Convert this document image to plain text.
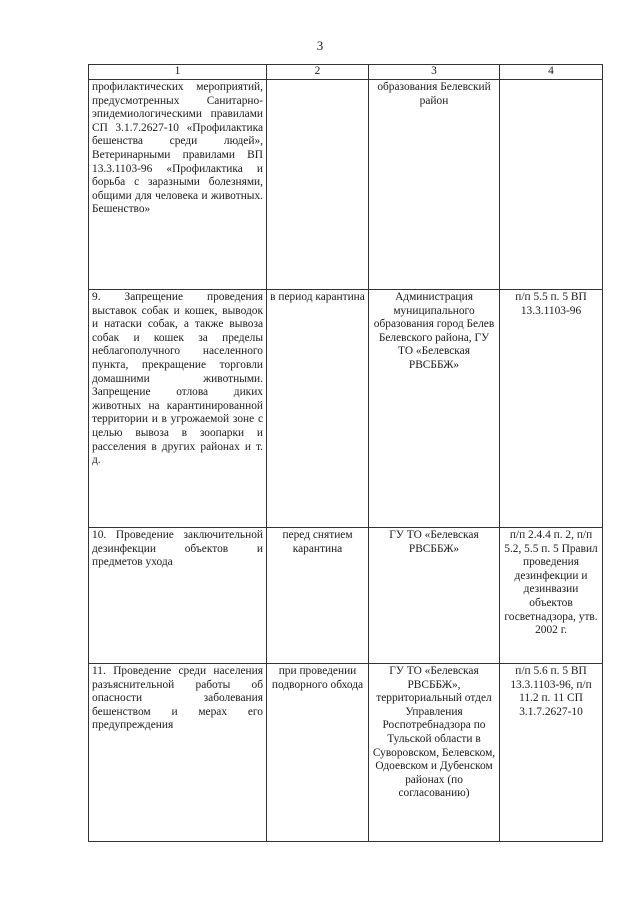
3
1	2	3	4
профилактических мероприятий, предусмотренных Санитарно-эпидемиологическими правилами СП 3.1.7.2627-10 «Профилактика бешенства среди людей», Ветеринарными правилами ВП 13.3.1103-96 «Профилактика и борьба с заразными болезнями, общими для человека и животных. Бешенство»		образования Белевский район	
9. Запрещение проведения выставок собак и кошек, выводок и натаски собак, а также вывоза собак и кошек за пределы неблагополучного населенного пункта, прекращение торговли домашними животными. Запрещение отлова диких животных на карантинированной территории и в угрожаемой зоне с целью вывоза в зоопарки и расселения в других районах и т. д.	в период карантина	Администрация муниципального образования город Белев Белевского района, ГУ ТО «Белевская РВСББЖ»	п/п 5.5 п. 5 ВП 13.3.1103-96
10. Проведение заключительной дезинфекции объектов и предметов ухода	перед снятием карантина	ГУ ТО «Белевская РВСББЖ»	п/п 2.4.4 п. 2, п/п 5.2, 5.5 п. 5 Правил проведения дезинфекции и дезинвазии объектов госветнадзора, утв. 2002 г.
11. Проведение среди населения разъяснительной работы об опасности заболевания бешенством и мерах его предупреждения	при проведении подворного обхода	ГУ ТО «Белевская РВСББЖ», территориальный отдел Управления Роспотребнадзора по Тульской области в Суворовском, Белевском, Одоевском и Дубенском районах (по согласованию)	п/п 5.6 п. 5 ВП 13.3.1103-96, п/п 11.2 п. 11 СП 3.1.7.2627-10
